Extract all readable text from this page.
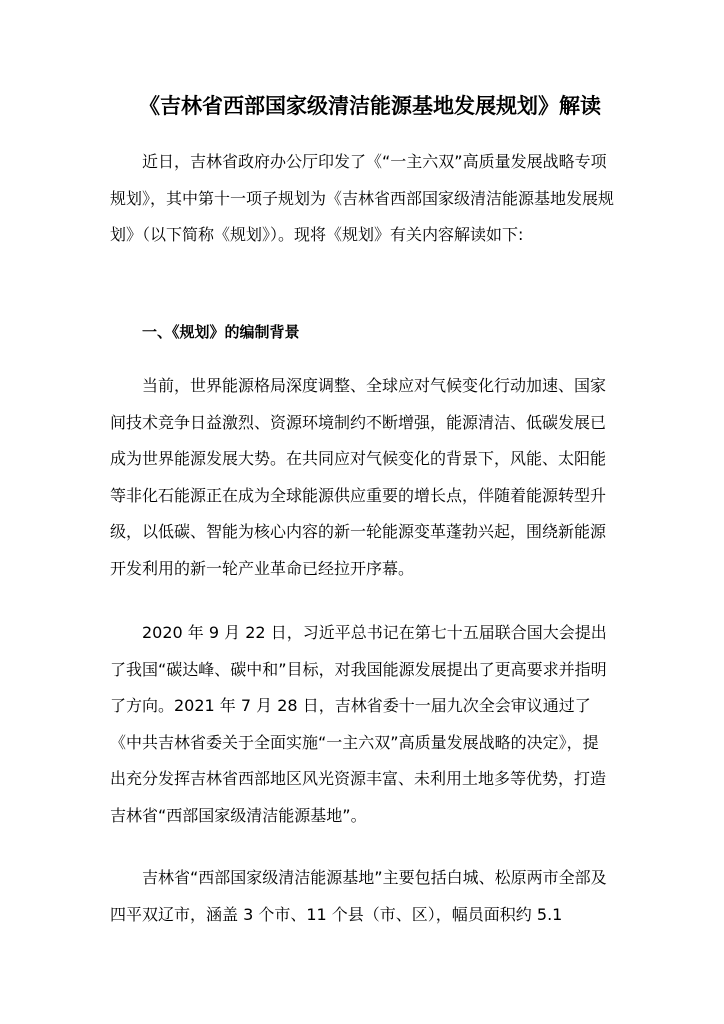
《吉林省西部国家级清洁能源基地发展规划》解读

近日，吉林省政府办公厅印发了《“一主六双”高质量发展战略专项规划》，其中第十一项子规划为《吉林省西部国家级清洁能源基地发展规划》（以下简称《规划》）。现将《规划》有关内容解读如下:

一、《规划》的编制背景

当前，世界能源格局深度调整、全球应对气候变化行动加速、国家间技术竞争日益激烈、资源环境制约不断增强，能源清洁、低碳发展已成为世界能源发展大势。在共同应对气候变化的背景下，风能、太阳能等非化石能源正在成为全球能源供应重要的增长点，伴随着能源转型升级，以低碳、智能为核心内容的新一轮能源变革蓬勃兴起，围绕新能源开发利用的新一轮产业革命已经拉开序幕。

2020 年 9 月 22 日，习近平总书记在第七十五届联合国大会提出了我国“碳达峰、碳中和”目标，对我国能源发展提出了更高要求并指明了方向。2021 年 7 月 28 日，吉林省委十一届九次全会审议通过了《中共吉林省委关于全面实施“一主六双”高质量发展战略的决定》，提出充分发挥吉林省西部地区风光资源丰富、未利用土地多等优势，打造吉林省“西部国家级清洁能源基地”。

吉林省“西部国家级清洁能源基地”主要包括白城、松原两市全部及四平双辽市，涵盖 3 个市、11 个县（市、区），幅员面积约 5.1
